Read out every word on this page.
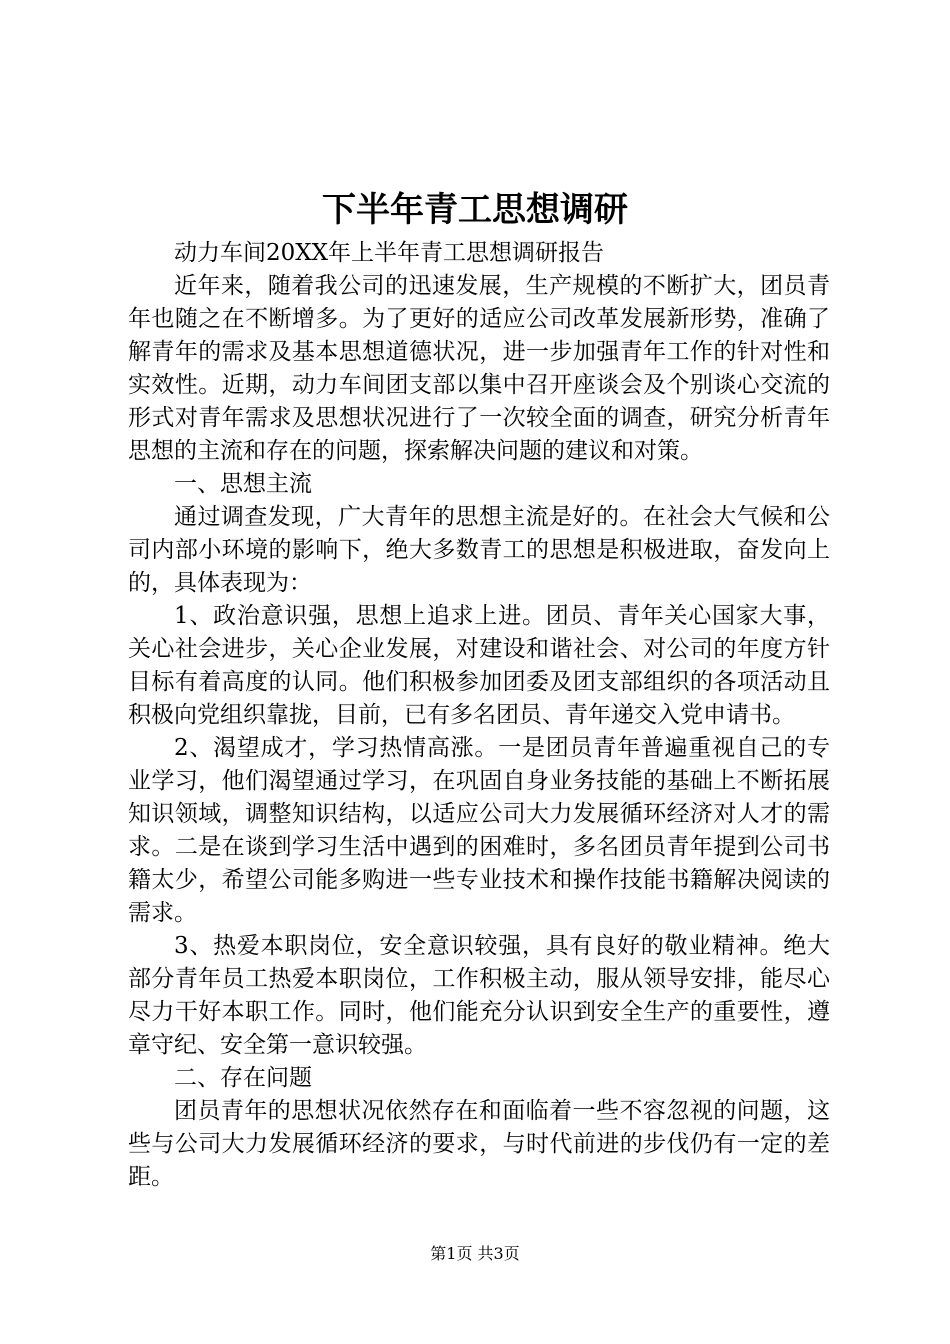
下半年青工思想调研

动力车间20XX年上半年青工思想调研报告

近年来，随着我公司的迅速发展，生产规模的不断扩大，团员青年也随之在不断增多。为了更好的适应公司改革发展新形势，准确了解青年的需求及基本思想道德状况，进一步加强青年工作的针对性和实效性。近期，动力车间团支部以集中召开座谈会及个别谈心交流的形式对青年需求及思想状况进行了一次较全面的调查，研究分析青年思想的主流和存在的问题，探索解决问题的建议和对策。

一、思想主流

通过调查发现，广大青年的思想主流是好的。在社会大气候和公司内部小环境的影响下，绝大多数青工的思想是积极进取，奋发向上的，具体表现为：

1、政治意识强，思想上追求上进。团员、青年关心国家大事，关心社会进步，关心企业发展，对建设和谐社会、对公司的年度方针目标有着高度的认同。他们积极参加团委及团支部组织的各项活动且积极向党组织靠拢，目前，已有多名团员、青年递交入党申请书。

2、渴望成才，学习热情高涨。一是团员青年普遍重视自己的专业学习，他们渴望通过学习，在巩固自身业务技能的基础上不断拓展知识领域，调整知识结构，以适应公司大力发展循环经济对人才的需求。二是在谈到学习生活中遇到的困难时，多名团员青年提到公司书籍太少，希望公司能多购进一些专业技术和操作技能书籍解决阅读的需求。

3、热爱本职岗位，安全意识较强，具有良好的敬业精神。绝大部分青年员工热爱本职岗位，工作积极主动，服从领导安排，能尽心尽力干好本职工作。同时，他们能充分认识到安全生产的重要性，遵章守纪、安全第一意识较强。

二、存在问题

团员青年的思想状况依然存在和面临着一些不容忽视的问题，这些与公司大力发展循环经济的要求，与时代前进的步伐仍有一定的差距。

第1页 共3页
